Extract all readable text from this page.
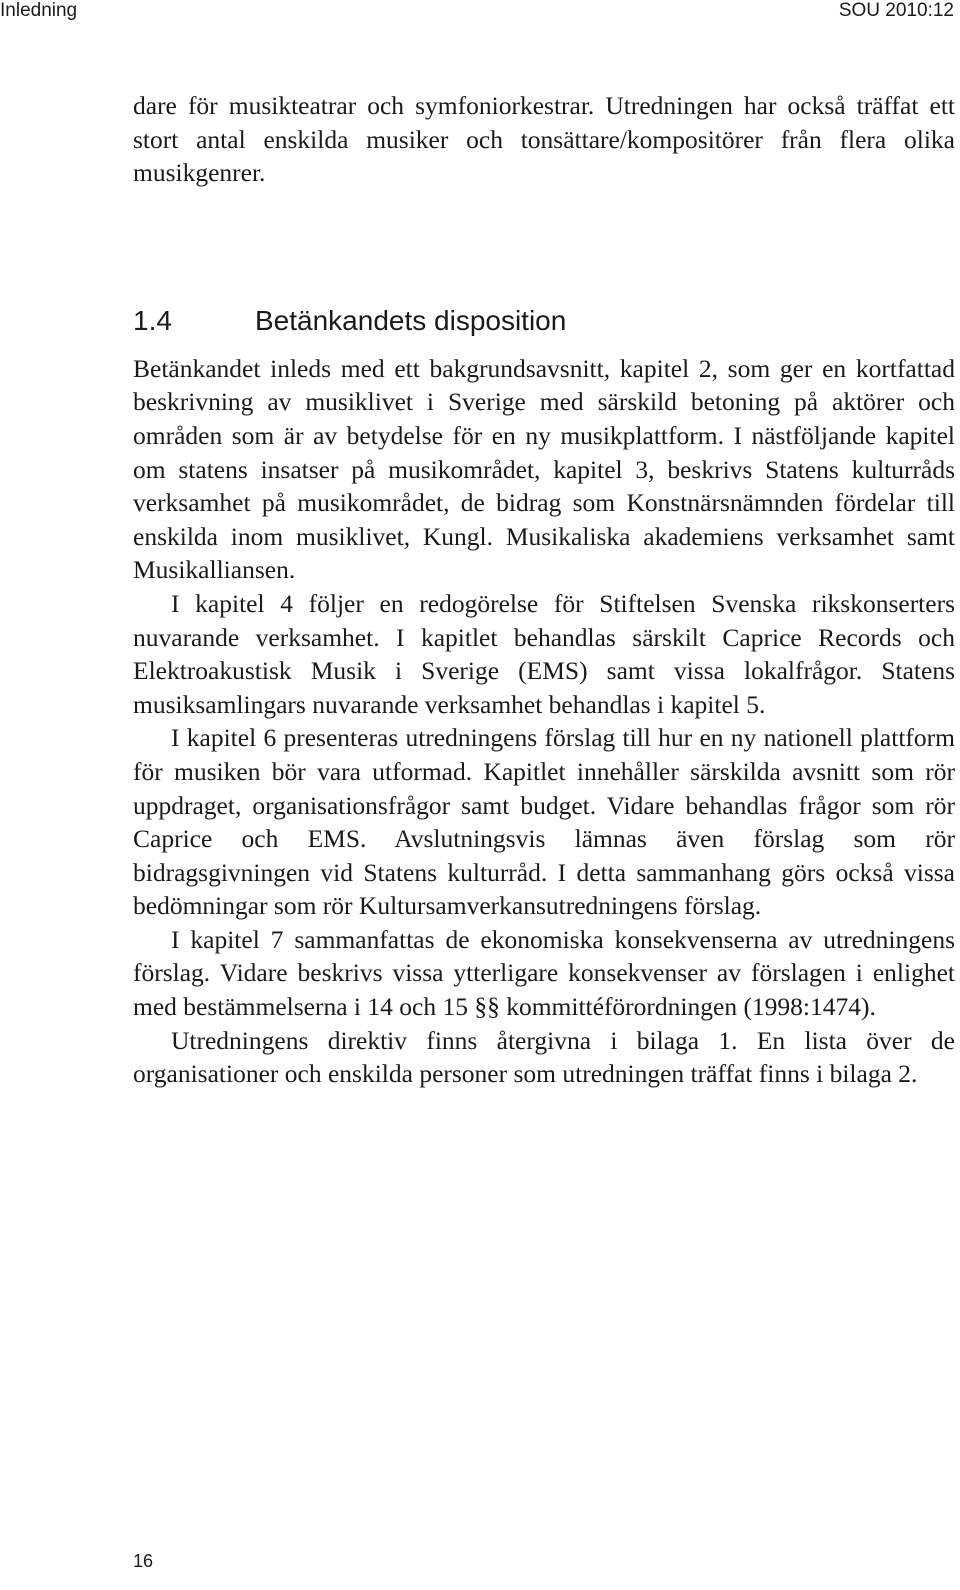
Inledning	SOU 2010:12

dare för musikteatrar och symfoniorkestrar. Utredningen har också träffat ett stort antal enskilda musiker och tonsättare/kompositörer från flera olika musikgenrer.

1.4	Betänkandets disposition

Betänkandet inleds med ett bakgrundsavsnitt, kapitel 2, som ger en kortfattad beskrivning av musiklivet i Sverige med särskild betoning på aktörer och områden som är av betydelse för en ny musikplattform. I nästföljande kapitel om statens insatser på musikområdet, kapitel 3, beskrivs Statens kulturråds verksamhet på musikområdet, de bidrag som Konstnärsnämnden fördelar till enskilda inom musiklivet, Kungl. Musikaliska akademiens verksamhet samt Musikalliansen.

I kapitel 4 följer en redogörelse för Stiftelsen Svenska rikskonserters nuvarande verksamhet. I kapitlet behandlas särskilt Caprice Records och Elektroakustisk Musik i Sverige (EMS) samt vissa lokalfrågor. Statens musiksamlingars nuvarande verksamhet behandlas i kapitel 5.

I kapitel 6 presenteras utredningens förslag till hur en ny nationell plattform för musiken bör vara utformad. Kapitlet innehåller särskilda avsnitt som rör uppdraget, organisationsfrågor samt budget. Vidare behandlas frågor som rör Caprice och EMS. Avslutningsvis lämnas även förslag som rör bidragsgivningen vid Statens kulturråd. I detta sammanhang görs också vissa bedömningar som rör Kultursamverkansutredningens förslag.

I kapitel 7 sammanfattas de ekonomiska konsekvenserna av utredningens förslag. Vidare beskrivs vissa ytterligare konsekvenser av förslagen i enlighet med bestämmelserna i 14 och 15 §§ kommittéförordningen (1998:1474).

Utredningens direktiv finns återgivna i bilaga 1. En lista över de organisationer och enskilda personer som utredningen träffat finns i bilaga 2.

16
